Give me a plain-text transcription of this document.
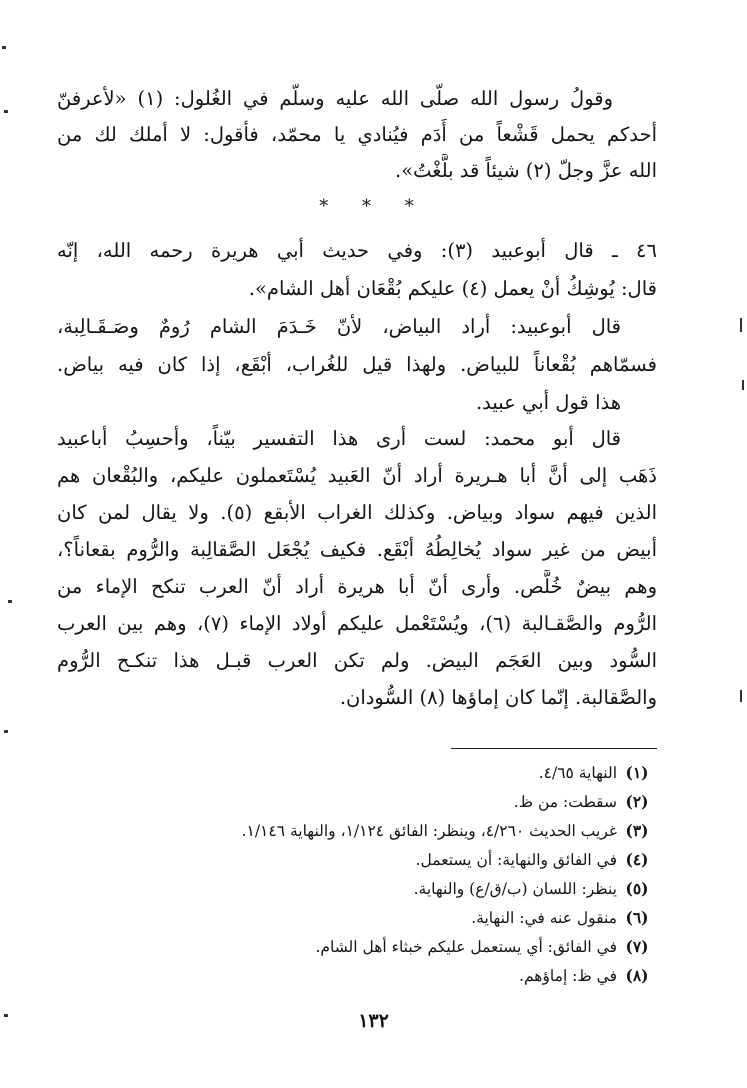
وقولُ رسول الله صلّى الله عليه وسلّم في الغُلول: (١) «لأعرفنّ
أحدكم يحمل قَشْعاً من أَدَم فيُنادي يا محمّد، فأقول: لا أملك لك من
الله عزَّ وجلّ (٢) شيئاً قد بلَّغْتُ».
٤٦ ـ قال أبوعبيد (٣): وفي حديث أبي هريرة رحمه الله، إنّه
قال: يُوشِكُ أنْ يعمل (٤) عليكم بُقْعَان أهل الشام».
قال أبوعبيد: أراد البياض، لأنّ خَـدَمَ الشام رُومٌ وصَـقَـالِبة،
فسمّاهم بُقْعاناً للبياض. ولهذا قيل للغُراب، أبْقَع، إذا كان فيه بياض.
هذا قول أبي عبيد.
قال أبو محمد: لست أرى هذا التفسير بيّناً، وأحسِبُ أباعبيد
ذَهَب إلى أنَّ أبا هـريرة أراد أنّ العَبيد يُسْتَعملون عليكم، والبُقْعان هم
الذين فيهم سواد وبياض. وكذلك الغراب الأبقع (٥). ولا يقال لمن كان
أبيض من غير سواد يُخالِطُهُ أبْقَع. فكيف يُجْعَل الصَّقالِبة والرُّوم بقعاناً؟،
وهم بيضٌ خُلَّص. وأرى أنّ أبا هريرة أراد أنّ العرب تنكح الإماء من
الرُّوم والصَّقـالبة (٦)، ويُسْتَعْمل عليكم أولاد الإماء (٧)، وهم بين العرب
السُّود وبين العَجَم البيض. ولم تكن العرب قبـل هذا تنكـح الرُّوم
والصَّقالبة. إنّما كان إماؤها (٨) السُّودان.
* * *
(١)النهاية ٤/٦٥.
(٢)سقطت: من ظ.
(٣)غريب الحديث ٤/٢٦٠، وينظر: الفائق ١/١٢٤، والنهاية ١/١٤٦.
(٤)في الفائق والنهاية: أن يستعمل.
(٥)ينظر: اللسان (ب/ق/ع) والنهاية.
(٦)منقول عنه في: النهاية.
(٧)في الفائق: أي يستعمل عليكم خبثاء أهل الشام.
(٨)في ظ: إماؤهم.
١٣٢
